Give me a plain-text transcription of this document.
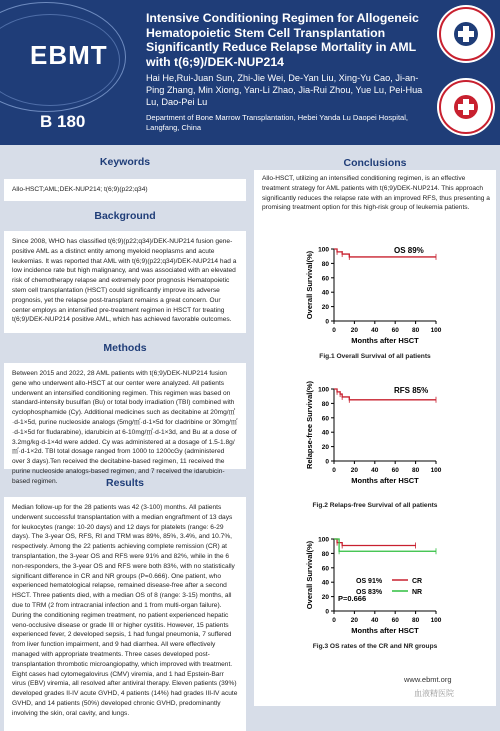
EBMT
B 180
Intensive Conditioning Regimen for Allogeneic Hematopoietic Stem Cell Transplantation Significantly Reduce Relapse Mortality in AML with t(6;9)/DEK-NUP214
Hai He,Rui-Juan Sun, Zhi-Jie Wei, De-Yan Liu, Xing-Yu Cao, Ji-an-Ping Zhang, Min Xiong, Yan-Li Zhao, Jia-Rui Zhou, Yue Lu, Pei-Hua Lu, Dao-Pei Lu
Department of Bone Marrow Transplantation, Hebei Yanda Lu Daopei Hospital, Langfang, China
Keywords
Allo-HSCT;AML;DEK-NUP214; t(6;9)(p22;q34)
Background
Since 2008, WHO has classified t(6;9)(p22;q34)/DEK-NUP214 fusion gene-positive AML as a distinct entity among myeloid neoplasms and acute leukemias. It was reported that AML with t(6;9)(p22;q34)/DEK-NUP214 had a low incidence rate but high malignancy, and was associated with an elevated risk of chemotherapy relapse and extremely poor prognosis Hematopoietic stem cell transplantation (HSCT) could significantly improve its adverse prognosis, yet the relapse post-transplant remains a great concern. Our center employs an intensified pre-treatment regimen in HSCT for treating t(6;9)/DEK-NUP214 positive AML, which has achieved favorable outcomes.
Methods
Between 2015 and 2022, 28 AML patients with t(6;9)/DEK-NUP214 fusion gene who underwent allo-HSCT at our center were analyzed. All patients underwent an intensified conditioning regimen. This regimen was based on standard-intensity busulfan (Bu) or total body irradiation (TBI) combined with cyclophosphamide (Cy). Additional medicines such as decitabine at 20mg/㎡·d-1×5d, purine nucleoside analogs (5mg/㎡·d-1×5d for cladribine or 30mg/㎡·d-1×5d for fludarabine), idarubicin at 6-10mg/㎡·d-1×3d, and Bu at a dose of 3.2mg/kg·d-1×4d were added. Cy was administered at a dosage of 1.5-1.8g/㎡·d-1×2d. TBI total dosage ranged from 1000 to 1200cGy (administered over 3 days).Ten received the decitabine-based regimen, 11 received the purine nucleoside analogs-based regimen, and 7 received the idarubicin-based regimen.	Results
Median follow-up for the 28 patients was 42 (3-100) months. All patients underwent successful transplantation with a median engraftment of 13 days for leukocytes (range: 10-20 days) and 12 days for platelets (range: 6-29 days). The 3-year OS, RFS, RI and TRM was 89%, 85%, 3.4%, and 10.7%, respectively. Among the 22 patients achieving complete remission (CR) at transplantation, the 3-year OS and RFS were 91% and 82%, while in the 6 non-responders, the 3-year OS and RFS were both 83%, with no statistically significant difference in CR and NR groups (P=0.666). One patient, who experienced hematological relapse, remained disease-free after a second HSCT. Three patients died, with a median OS of 8 (range: 3-15) months, all due to TRM (2 from intracranial infection and 1 from multi-organ failure). During the conditioning regimen treatment, no patient experienced hepatic veno-occlusive disease or grade III or higher cystitis. However, 15 patients experienced fever, 2 developed sepsis, 1 had fungal pneumonia, 7 suffered from liver function impairment, and 9 had diarrhea. All were effectively managed with appropriate treatments. Three cases developed post-transplantation thrombotic microangiopathy, which improved with treatment. Eight cases had cytomegalovirus (CMV) viremia, and 1 had Epstein-Barr virus (EBV) viremia, all resolved after antiviral therapy. Eleven patients (39%) developed grades II-IV acute GVHD, 4 patients (14%) had grades III-IV acute GVHD, and 14 patients (50%) developed chronic GVHD, predominantly involving the skin, oral cavity, and lungs.
Conclusions
Allo-HSCT, utilizing an intensified conditioning regimen, is an effective treatment strategy for AML patients with t(6;9)/DEK-NUP214. This approach significantly reduces the relapse rate with an improved RFS, thus presenting a promising treatment option for this high-risk group of leukemia patients.
0
20
40
60
80
100
0 20 40 60 80 100
Months after HSCT
Overall Survival(%)
OS 89%
Fig.1 Overall Survival of all patients
0
20
40
60
80
100
0 20 40 60 80 100
Months after HSCT
Relapse-free Survival(%)	RFS 85%
Fig.2 Relaps-free Survival of all patients
0
20
40
60
80
100
0 20 40 60 80 100
Months after HSCT
Overall Survival(%)	OS 91%	CR
OS 83%	NR
P=0.666
Fig.3 OS rates of the CR and NR groups
www.ebmt.org
血液精医院
